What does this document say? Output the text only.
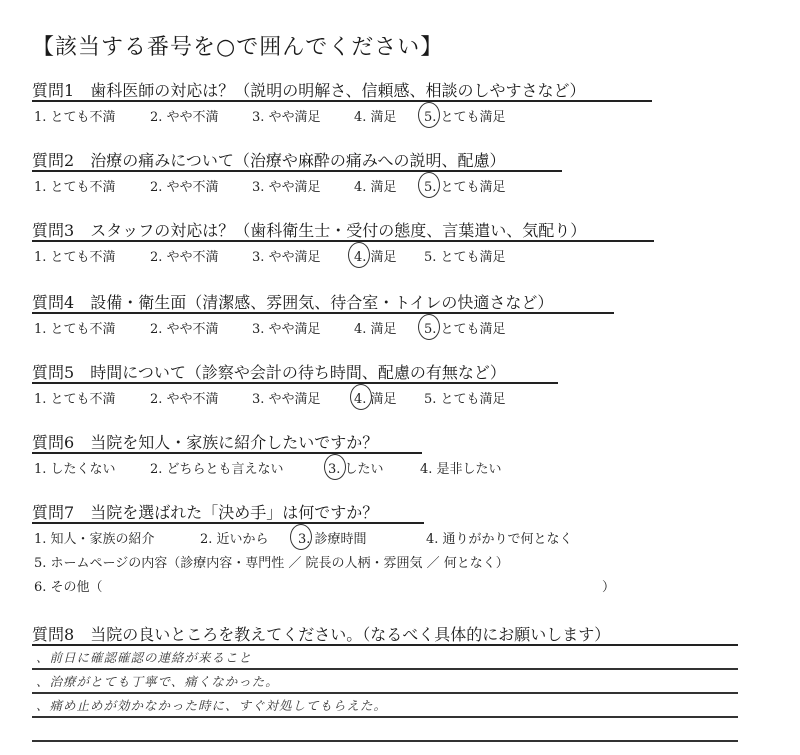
【該当する番号を○で囲んでください】
質問1 歯科医師の対応は？（説明の明解さ、信頼感、相談のしやすさなど）
1. とても不満	2. やや不満	3. やや満足	4. 満足 5. とても満足
質問2 治療の痛みについて（治療や麻酔の痛みへの説明、配慮）
1. とても不満	2. やや不満	3. やや満足	4. 満足 5. とても満足
質問3 スタッフの対応は？（歯科衛生士・受付の態度、言葉遣い、気配り）
1. とても不満	2. やや不満	3. やや満足	4. 満足 5. とても満足
質問4 設備・衛生面（清潔感、雰囲気、待合室・トイレの快適さなど）
1. とても不満	2. やや不満	3. やや満足	4. 満足 5. とても満足
質問5 時間について（診察や会計の待ち時間、配慮の有無など）
1. とても不満	2. やや不満	3. やや満足	4. 満足 5. とても満足
質問6 当院を知人・家族に紹介したいですか？
1. したくない	2. どちらとも言えない	3. したい	4. 是非したい
質問7 当院を選ばれた「決め手」は何ですか？
1. 知人・家族の紹介	2. 近いから 3. 診療時間	4. 通りがかりで何となく
5. ホームページの内容（診療内容・専門性 ／ 院長の人柄・雰囲気 ／ 何となく）
6. その他（	）
質問8 当院の良いところを教えてください。（なるべく具体的にお願いします）
、前日に確認確認の連絡が来ること
、治療がとても丁寧で、痛くなかった。
、痛め止めが効かなかった時に、すぐ対処してもらえた。
